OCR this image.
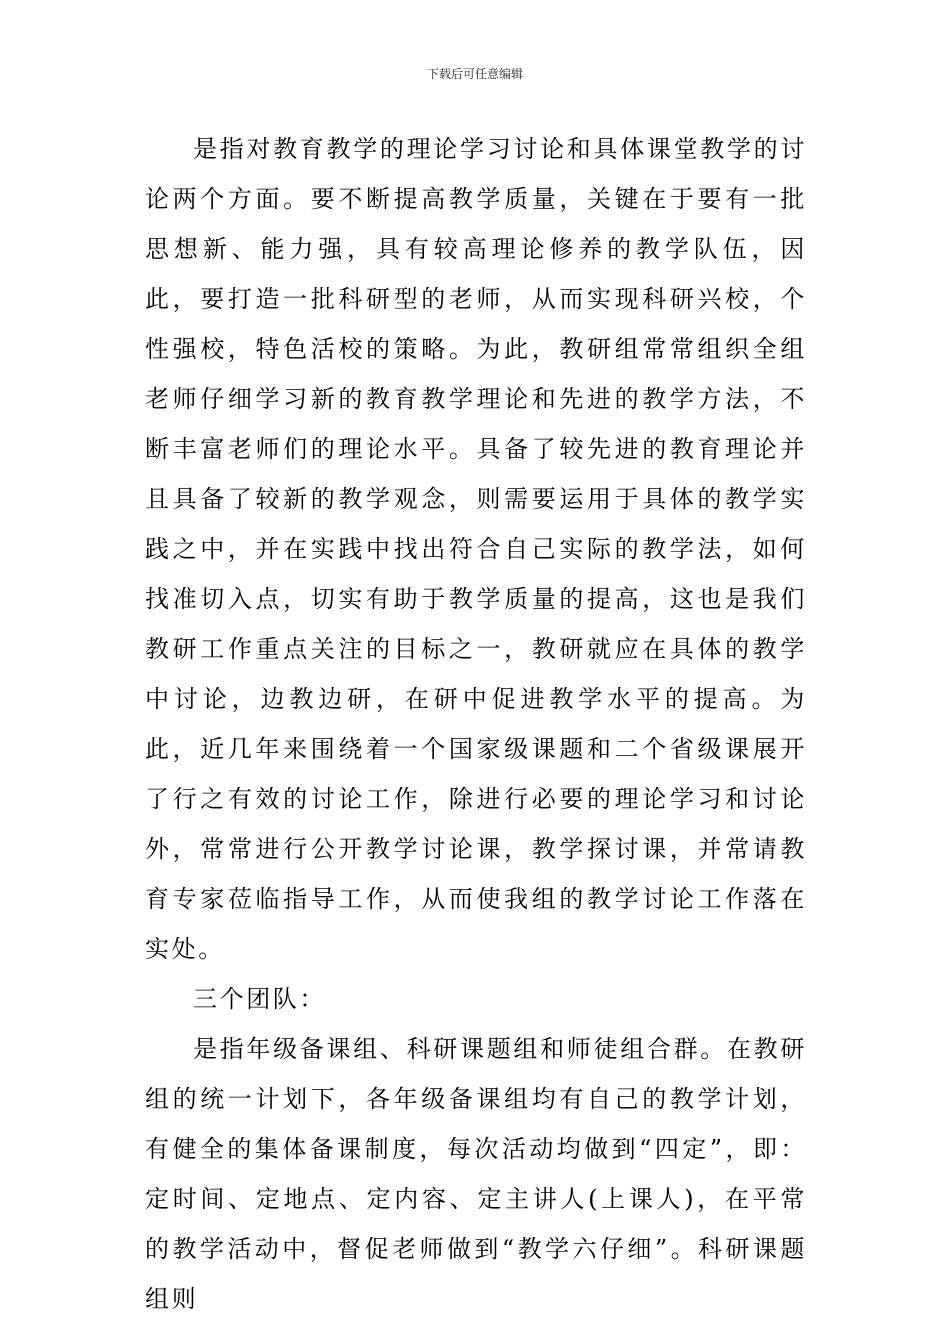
下载后可任意编辑

是指对教育教学的理论学习讨论和具体课堂教学的讨论两个方面。要不断提高教学质量，关键在于要有一批思想新、能力强，具有较高理论修养的教学队伍，因此，要打造一批科研型的老师，从而实现科研兴校，个性强校，特色活校的策略。为此，教研组常常组织全组老师仔细学习新的教育教学理论和先进的教学方法，不断丰富老师们的理论水平。具备了较先进的教育理论并且具备了较新的教学观念，则需要运用于具体的教学实践之中，并在实践中找出符合自己实际的教学法，如何找准切入点，切实有助于教学质量的提高，这也是我们教研工作重点关注的目标之一，教研就应在具体的教学中讨论，边教边研，在研中促进教学水平的提高。为此，近几年来围绕着一个国家级课题和二个省级课展开了行之有效的讨论工作，除进行必要的理论学习和讨论外，常常进行公开教学讨论课，教学探讨课，并常请教育专家莅临指导工作，从而使我组的教学讨论工作落在实处。

三个团队：

是指年级备课组、科研课题组和师徒组合群。在教研组的统一计划下，各年级备课组均有自己的教学计划，有健全的集体备课制度，每次活动均做到“四定”，即：定时间、定地点、定内容、定主讲人(上课人)，在平常的教学活动中，督促老师做到“教学六仔细”。科研课题组则
